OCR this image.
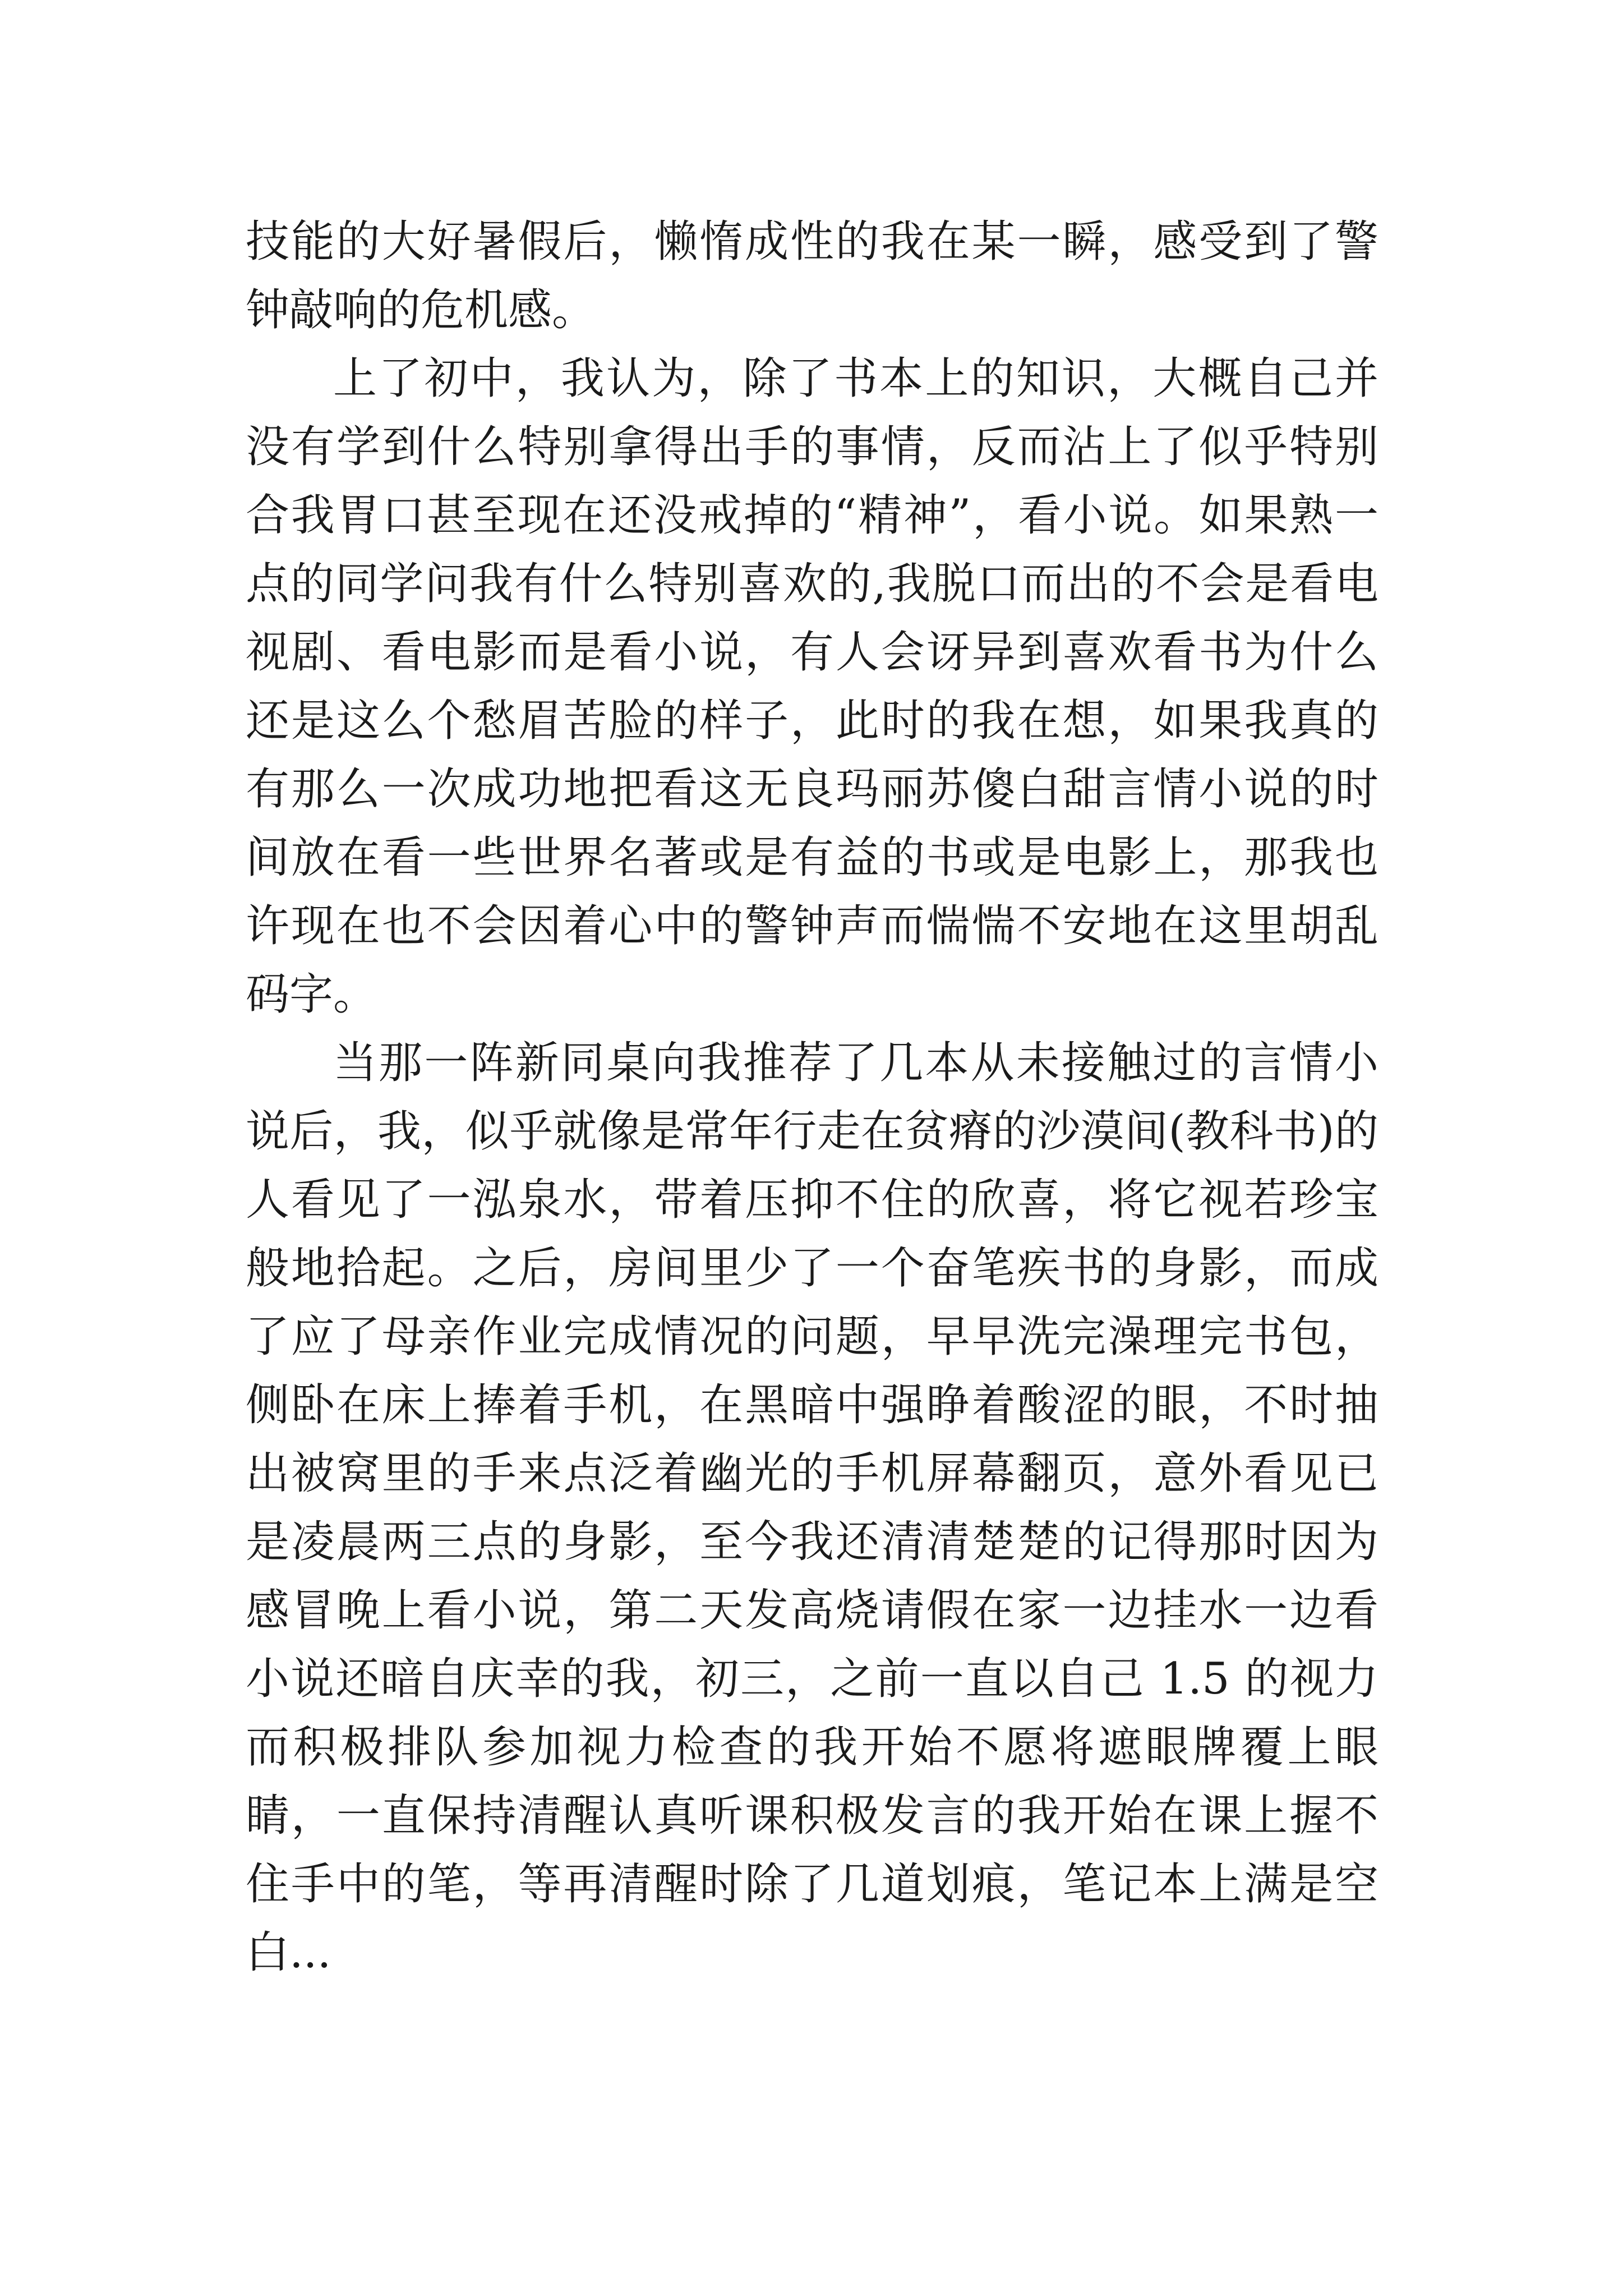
技能的大好暑假后，懒惰成性的我在某一瞬，感受到了警钟敲响的危机感。

上了初中，我认为，除了书本上的知识，大概自己并没有学到什么特别拿得出手的事情，反而沾上了似乎特别合我胃口甚至现在还没戒掉的“精神”，看小说。如果熟一点的同学问我有什么特别喜欢的,我脱口而出的不会是看电视剧、看电影而是看小说，有人会讶异到喜欢看书为什么还是这么个愁眉苦脸的样子，此时的我在想，如果我真的有那么一次成功地把看这无良玛丽苏傻白甜言情小说的时间放在看一些世界名著或是有益的书或是电影上，那我也许现在也不会因着心中的警钟声而惴惴不安地在这里胡乱码字。

当那一阵新同桌向我推荐了几本从未接触过的言情小说后，我，似乎就像是常年行走在贫瘠的沙漠间(教科书)的人看见了一泓泉水，带着压抑不住的欣喜，将它视若珍宝般地拾起。之后，房间里少了一个奋笔疾书的身影，而成了应了母亲作业完成情况的问题，早早洗完澡理完书包，侧卧在床上捧着手机，在黑暗中强睁着酸涩的眼，不时抽出被窝里的手来点泛着幽光的手机屏幕翻页，意外看见已是凌晨两三点的身影，至今我还清清楚楚的记得那时因为感冒晚上看小说，第二天发高烧请假在家一边挂水一边看小说还暗自庆幸的我，初三，之前一直以自己 1.5 的视力而积极排队参加视力检查的我开始不愿将遮眼牌覆上眼睛，一直保持清醒认真听课积极发言的我开始在课上握不住手中的笔，等再清醒时除了几道划痕，笔记本上满是空白...
